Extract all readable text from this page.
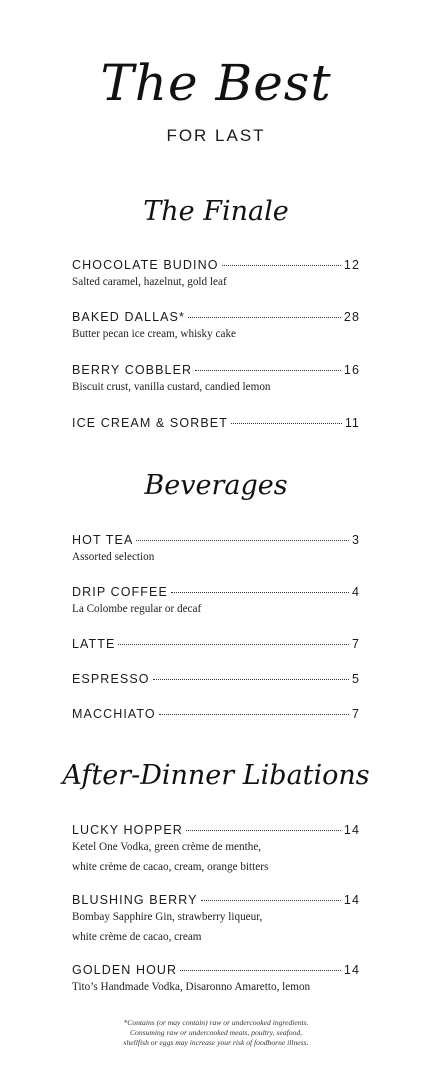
The Best
FOR LAST
The Finale
CHOCOLATE BUDINO	12
Salted caramel, hazelnut, gold leaf
BAKED DALLAS*	28
Butter pecan ice cream, whisky cake
BERRY COBBLER	16
Biscuit crust, vanilla custard, candied lemon
ICE CREAM & SORBET	11
Beverages
HOT TEA	3
Assorted selection
DRIP COFFEE	4
La Colombe regular or decaf
LATTE	7
ESPRESSO	5
MACCHIATO	7
After-Dinner Libations
LUCKY HOPPER	14
Ketel One Vodka, green crème de menthe,
white crème de cacao, cream, orange bitters
BLUSHING BERRY	14
Bombay Sapphire Gin, strawberry liqueur,
white crème de cacao, cream
GOLDEN HOUR	14
Tito’s Handmade Vodka, Disaronno Amaretto, lemon
*Contains (or may contain) raw or undercooked ingredients.
Consuming raw or undercooked meats, poultry, seafood,
shellfish or eggs may increase your risk of foodborne illness.
